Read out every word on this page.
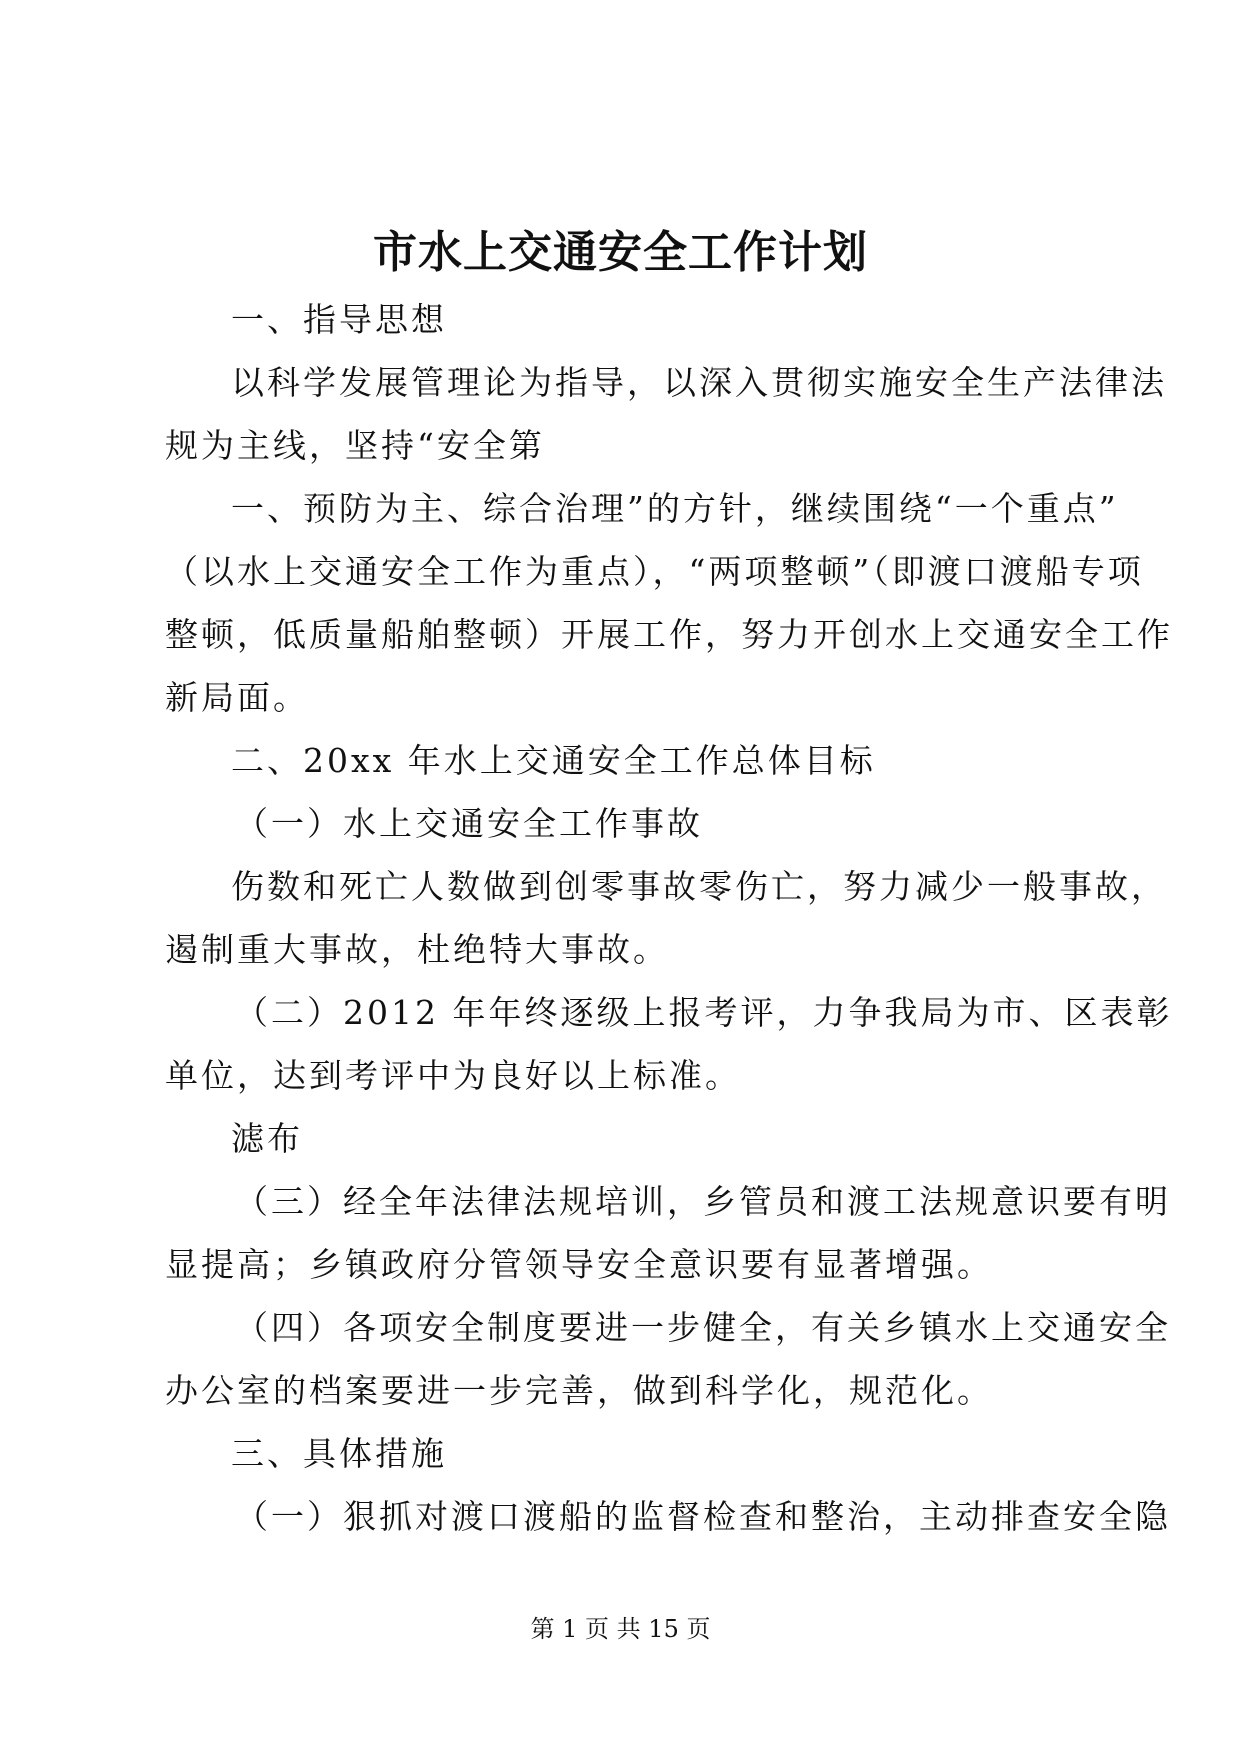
市水上交通安全工作计划
一、指导思想
以科学发展管理论为指导，以深入贯彻实施安全生产法律法
规为主线，坚持“安全第
一、预防为主、综合治理”的方针，继续围绕“一个重点”
（以水上交通安全工作为重点），“两项整顿”（即渡口渡船专项
整顿，低质量船舶整顿）开展工作，努力开创水上交通安全工作
新局面。
二、20xx 年水上交通安全工作总体目标
（一）水上交通安全工作事故
伤数和死亡人数做到创零事故零伤亡，努力减少一般事故，
遏制重大事故，杜绝特大事故。
（二）2012 年年终逐级上报考评，力争我局为市、区表彰
单位，达到考评中为良好以上标准。
滤布
（三）经全年法律法规培训，乡管员和渡工法规意识要有明
显提高；乡镇政府分管领导安全意识要有显著增强。
（四）各项安全制度要进一步健全，有关乡镇水上交通安全
办公室的档案要进一步完善，做到科学化，规范化。
三、具体措施
（一）狠抓对渡口渡船的监督检查和整治，主动排查安全隐
第 1 页 共 15 页
